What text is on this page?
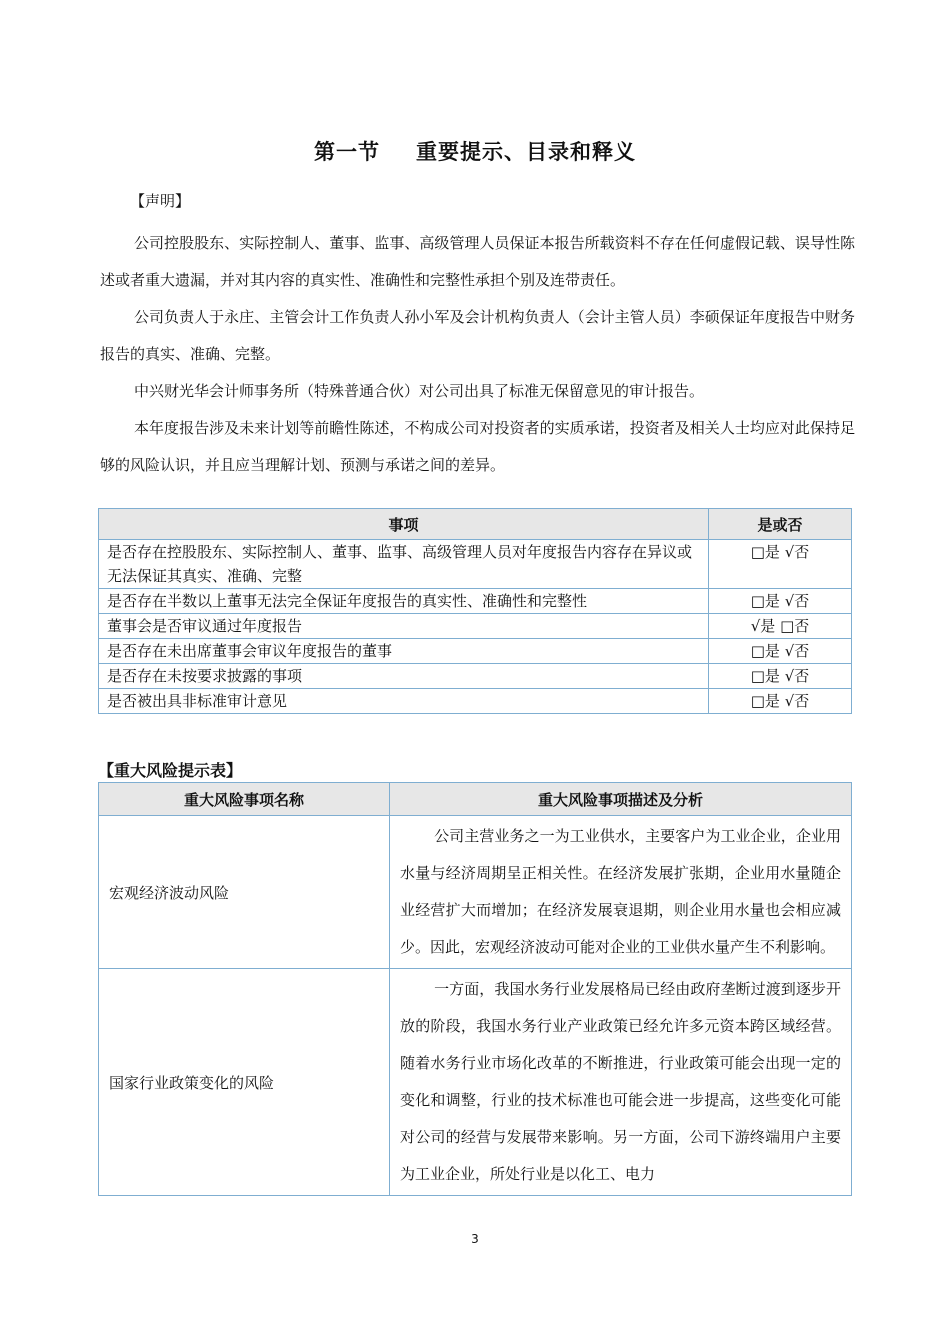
第一节 重要提示、目录和释义
【声明】
公司控股股东、实际控制人、董事、监事、高级管理人员保证本报告所载资料不存在任何虚假记载、误导性陈述或者重大遗漏，并对其内容的真实性、准确性和完整性承担个别及连带责任。
公司负责人于永庄、主管会计工作负责人孙小军及会计机构负责人（会计主管人员）李硕保证年度报告中财务报告的真实、准确、完整。
中兴财光华会计师事务所（特殊普通合伙）对公司出具了标准无保留意见的审计报告。
本年度报告涉及未来计划等前瞻性陈述，不构成公司对投资者的实质承诺，投资者及相关人士均应对此保持足够的风险认识，并且应当理解计划、预测与承诺之间的差异。
事项	是或否
是否存在控股股东、实际控制人、董事、监事、高级管理人员对年度报告内容存在异议或无法保证其真实、准确、完整	□是 √否
是否存在半数以上董事无法完全保证年度报告的真实性、准确性和完整性	□是 √否
董事会是否审议通过年度报告	√是 □否
是否存在未出席董事会审议年度报告的董事	□是 √否
是否存在未按要求披露的事项	□是 √否
是否被出具非标准审计意见	□是 √否
【重大风险提示表】
重大风险事项名称	重大风险事项描述及分析
宏观经济波动风险	公司主营业务之一为工业供水，主要客户为工业企业，企业用水量与经济周期呈正相关性。在经济发展扩张期，企业用水量随企业经营扩大而增加；在经济发展衰退期，则企业用水量也会相应减少。因此，宏观经济波动可能对企业的工业供水量产生不利影响。
国家行业政策变化的风险	一方面，我国水务行业发展格局已经由政府垄断过渡到逐步开放的阶段，我国水务行业产业政策已经允许多元资本跨区域经营。随着水务行业市场化改革的不断推进，行业政策可能会出现一定的变化和调整，行业的技术标准也可能会进一步提高，这些变化可能对公司的经营与发展带来影响。另一方面，公司下游终端用户主要为工业企业，所处行业是以化工、电力
3
